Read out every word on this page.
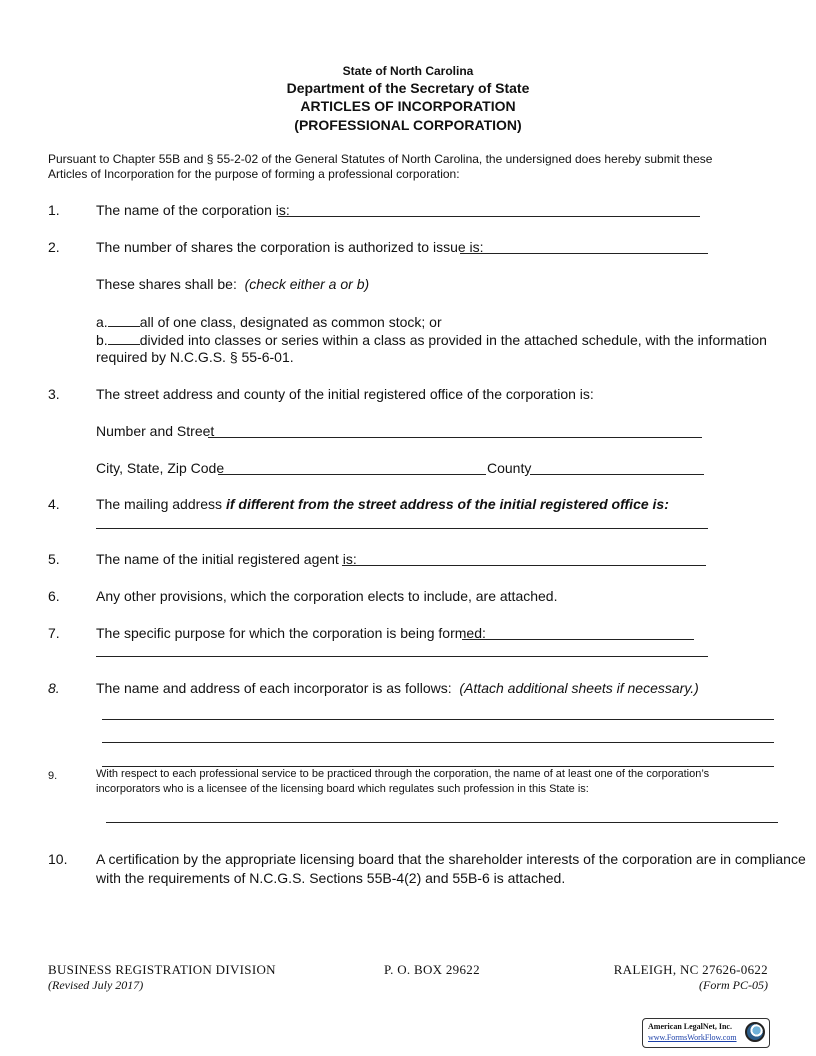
State of North Carolina
Department of the Secretary of State
ARTICLES OF INCORPORATION
(PROFESSIONAL CORPORATION)
Pursuant to Chapter 55B and § 55-2-02 of the General Statutes of North Carolina, the undersigned does hereby submit these Articles of Incorporation for the purpose of forming a professional corporation:
1.	The name of the corporation is:
2.	The number of shares the corporation is authorized to issue is:
These shares shall be: (check either a or b)
a. all of one class, designated as common stock; or
b. divided into classes or series within a class as provided in the attached schedule, with the information
required by N.C.G.S. § 55-6-01.
3.	The street address and county of the initial registered office of the corporation is:
Number and Street
City, State, Zip Code	County
4.	The mailing address if different from the street address of the initial registered office is:
5.	The name of the initial registered agent is:
6.	Any other provisions, which the corporation elects to include, are attached.
7.	The specific purpose for which the corporation is being formed:
8.	The name and address of each incorporator is as follows: (Attach additional sheets if necessary.)
9.	With respect to each professional service to be practiced through the corporation, the name of at least one of the corporation’s
incorporators who is a licensee of the licensing board which regulates such profession in this State is:
10. A certification by the appropriate licensing board that the shareholder interests of the corporation are in compliance
with the requirements of N.C.G.S. Sections 55B-4(2) and 55B-6 is attached.
BUSINESS REGISTRATION DIVISION
(Revised July 2017)
P. O. BOX 29622	RALEIGH, NC 27626-0622
(Form PC-05)
American LegalNet, Inc.
www.FormsWorkFlow.com
